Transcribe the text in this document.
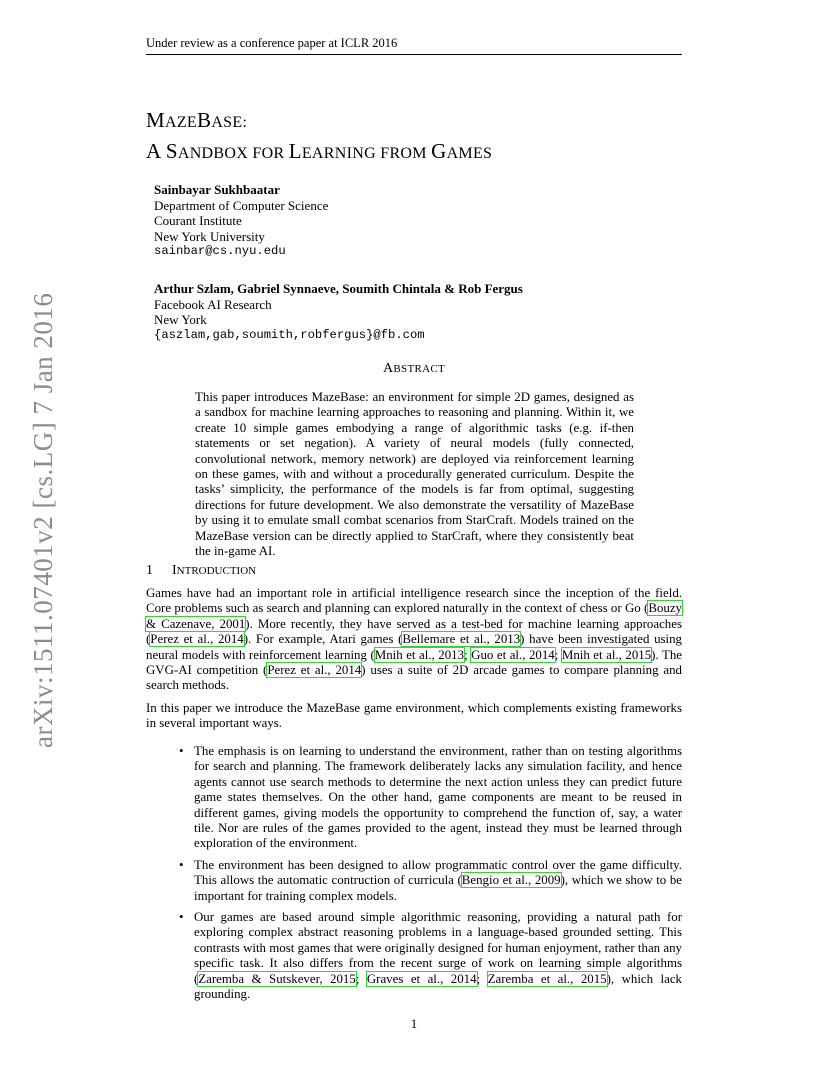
Under review as a conference paper at ICLR 2016
arXiv:1511.07401v2 [cs.LG] 7 Jan 2016
MAZEBASE:
A SANDBOX FOR LEARNING FROM GAMES
Sainbayar Sukhbaatar
Department of Computer Science
Courant Institute
New York University
sainbar@cs.nyu.edu
Arthur Szlam, Gabriel Synnaeve, Soumith Chintala & Rob Fergus
Facebook AI Research
New York
{aszlam,gab,soumith,robfergus}@fb.com
ABSTRACT
This paper introduces MazeBase: an environment for simple 2D games, designed as a sandbox for machine learning approaches to reasoning and planning. Within it, we create 10 simple games embodying a range of algorithmic tasks (e.g. if-then statements or set negation). A variety of neural models (fully connected, convolutional network, memory network) are deployed via reinforcement learning on these games, with and without a procedurally generated curriculum. Despite the tasks’ simplicity, the performance of the models is far from optimal, suggesting directions for future development. We also demonstrate the versatility of MazeBase by using it to emulate small combat scenarios from StarCraft. Models trained on the MazeBase version can be directly applied to StarCraft, where they consistently beat the in-game AI.
1 INTRODUCTION
Games have had an important role in artificial intelligence research since the inception of the field. Core problems such as search and planning can explored naturally in the context of chess or Go (Bouzy & Cazenave, 2001). More recently, they have served as a test-bed for machine learning approaches (Perez et al., 2014). For example, Atari games (Bellemare et al., 2013) have been investigated using neural models with reinforcement learning (Mnih et al., 2013; Guo et al., 2014; Mnih et al., 2015). The GVG-AI competition (Perez et al., 2014) uses a suite of 2D arcade games to compare planning and search methods.
In this paper we introduce the MazeBase game environment, which complements existing frameworks in several important ways.
• The emphasis is on learning to understand the environment, rather than on testing algorithms for search and planning. The framework deliberately lacks any simulation facility, and hence agents cannot use search methods to determine the next action unless they can predict future game states themselves. On the other hand, game components are meant to be reused in different games, giving models the opportunity to comprehend the function of, say, a water tile. Nor are rules of the games provided to the agent, instead they must be learned through exploration of the environment.
• The environment has been designed to allow programmatic control over the game difficulty. This allows the automatic contruction of curricula (Bengio et al., 2009), which we show to be important for training complex models.
• Our games are based around simple algorithmic reasoning, providing a natural path for exploring complex abstract reasoning problems in a language-based grounded setting. This contrasts with most games that were originally designed for human enjoyment, rather than any specific task. It also differs from the recent surge of work on learning simple algorithms (Zaremba & Sutskever, 2015; Graves et al., 2014; Zaremba et al., 2015), which lack grounding.
1
